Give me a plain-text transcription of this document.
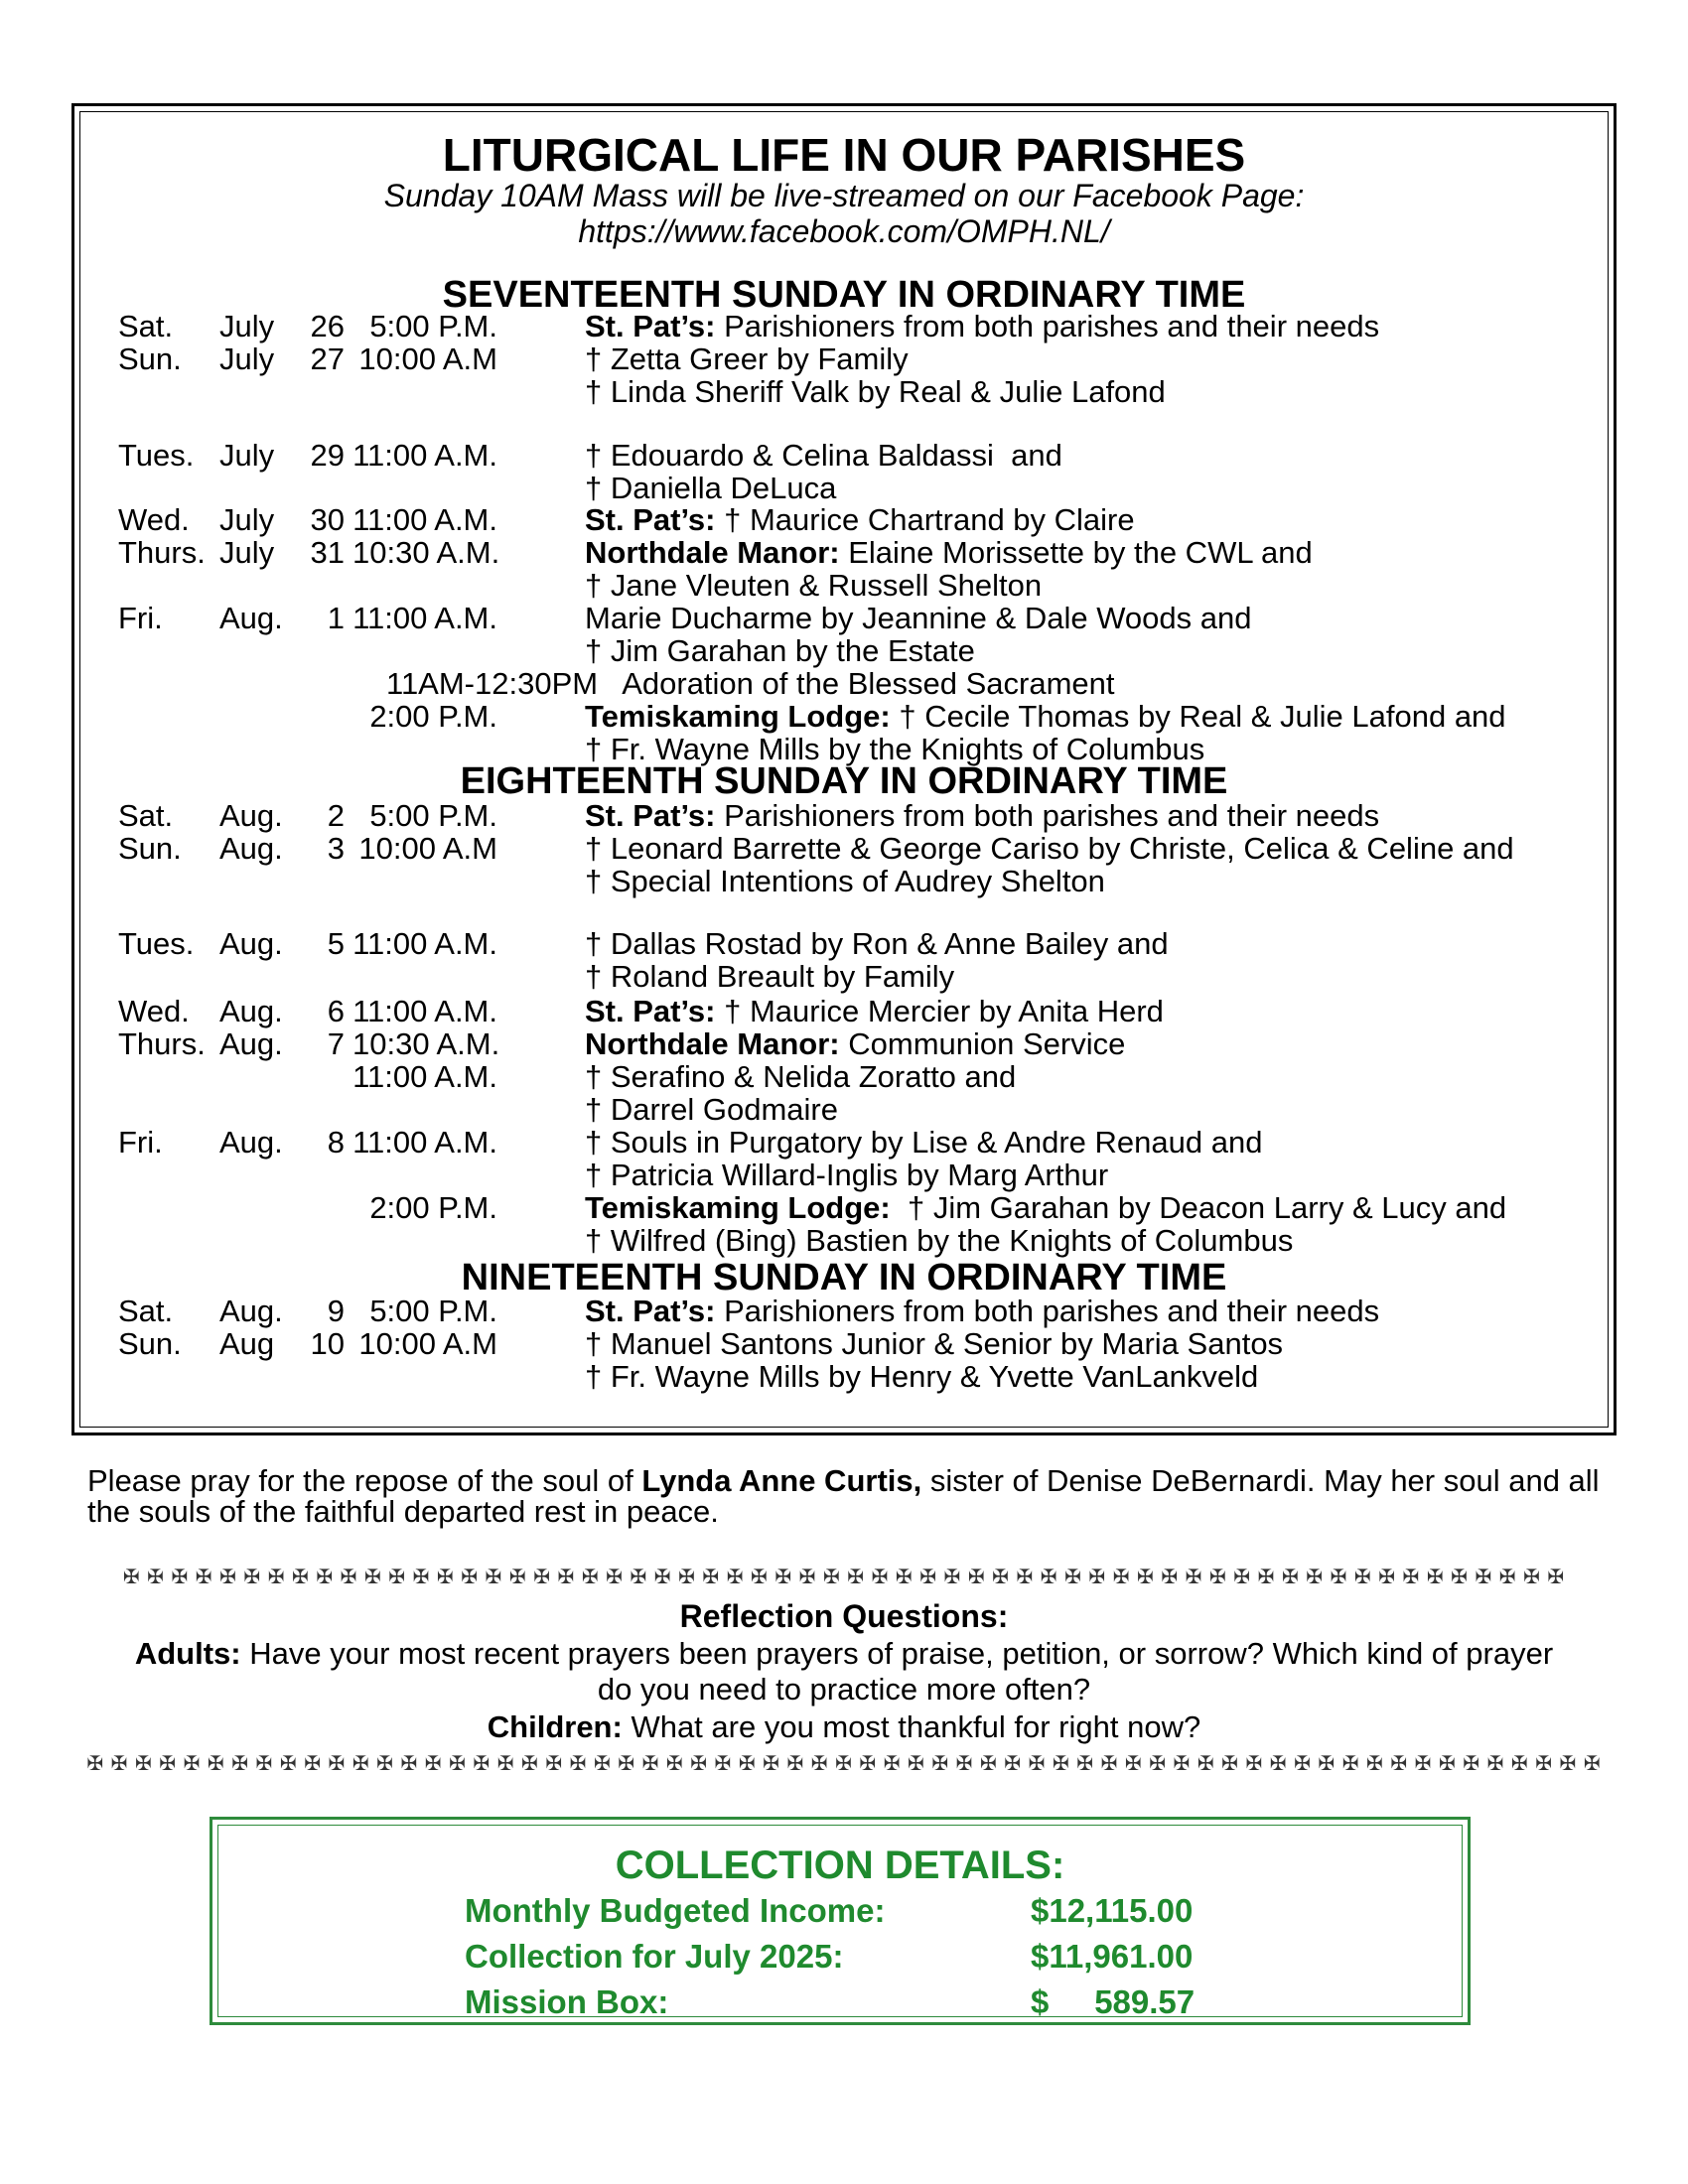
LITURGICAL LIFE IN OUR PARISHES
Sunday 10AM Mass will be live-streamed on our Facebook Page:
https://www.facebook.com/OMPH.NL/
SEVENTEENTH SUNDAY IN ORDINARY TIME
Sat. July 26 5:00 P.M.	St. Pat’s: Parishioners from both parishes and their needs
Sun. July 27 10:00 A.M	† Zetta Greer by Family
† Linda Sheriff Valk by Real & Julie Lafond
Tues. July 29 11:00 A.M.	† Edouardo & Celina Baldassi  and
† Daniella DeLuca
Wed. July 30 11:00 A.M.	St. Pat’s: † Maurice Chartrand by Claire
Thurs. July 31 10:30 A.M.	Northdale Manor: Elaine Morissette by the CWL and
† Jane Vleuten & Russell Shelton
Fri. Aug.	1 11:00 A.M.	Marie Ducharme by Jeannine & Dale Woods and
† Jim Garahan by the Estate
11AM-12:30PM   Adoration of the Blessed Sacrament
2:00 P.M.	Temiskaming Lodge: † Cecile Thomas by Real & Julie Lafond and
† Fr. Wayne Mills by the Knights of Columbus
Sat. Aug.	2 5:00 P.M.	St. Pat’s: Parishioners from both parishes and their needs
Sun. Aug.	3 10:00 A.M	† Leonard Barrette & George Cariso by Christe, Celica & Celine and
† Special Intentions of Audrey Shelton
Tues. Aug.	5 11:00 A.M.	† Dallas Rostad by Ron & Anne Bailey and
† Roland Breault by Family
Wed. Aug.	6 11:00 A.M.	St. Pat’s: † Maurice Mercier by Anita Herd
Thurs. Aug.	7 10:30 A.M.	Northdale Manor: Communion Service
11:00 A.M.	† Serafino & Nelida Zoratto and
† Darrel Godmaire
Fri. Aug.	8 11:00 A.M.	† Souls in Purgatory by Lise & Andre Renaud and
† Patricia Willard-Inglis by Marg Arthur
2:00 P.M.	Temiskaming Lodge:  † Jim Garahan by Deacon Larry & Lucy and
† Wilfred (Bing) Bastien by the Knights of Columbus
Sat. Aug.	9 5:00 P.M.	St. Pat’s: Parishioners from both parishes and their needs
Sun. Aug 10 10:00 A.M	† Manuel Santons Junior & Senior by Maria Santos
† Fr. Wayne Mills by Henry & Yvette VanLankveld
EIGHTEENTH SUNDAY IN ORDINARY TIME
NINETEENTH SUNDAY IN ORDINARY TIME
Please pray for the repose of the soul of Lynda Anne Curtis, sister of Denise DeBernardi. May her soul and all the souls of the faithful departed rest in peace.
✠ ✠ ✠ ✠ ✠ ✠ ✠ ✠ ✠ ✠ ✠ ✠ ✠ ✠ ✠ ✠ ✠ ✠ ✠ ✠ ✠ ✠ ✠ ✠ ✠ ✠ ✠ ✠ ✠ ✠ ✠ ✠ ✠ ✠ ✠ ✠ ✠ ✠ ✠ ✠ ✠ ✠ ✠ ✠ ✠ ✠ ✠ ✠ ✠ ✠ ✠ ✠ ✠ ✠ ✠ ✠ ✠ ✠ ✠ ✠
Reflection Questions:
Adults: Have your most recent prayers been prayers of praise, petition, or sorrow? Which kind of prayer do you need to practice more often?
Children: What are you most thankful for right now?
✠ ✠ ✠ ✠ ✠ ✠ ✠ ✠ ✠ ✠ ✠ ✠ ✠ ✠ ✠ ✠ ✠ ✠ ✠ ✠ ✠ ✠ ✠ ✠ ✠ ✠ ✠ ✠ ✠ ✠ ✠ ✠ ✠ ✠ ✠ ✠ ✠ ✠ ✠ ✠ ✠ ✠ ✠ ✠ ✠ ✠ ✠ ✠ ✠ ✠ ✠ ✠ ✠ ✠ ✠ ✠ ✠ ✠ ✠ ✠ ✠ ✠ ✠
COLLECTION DETAILS:
Monthly Budgeted Income:	$12,115.00
Collection for July 2025:	$11,961.00
Mission Box:	$     589.57
